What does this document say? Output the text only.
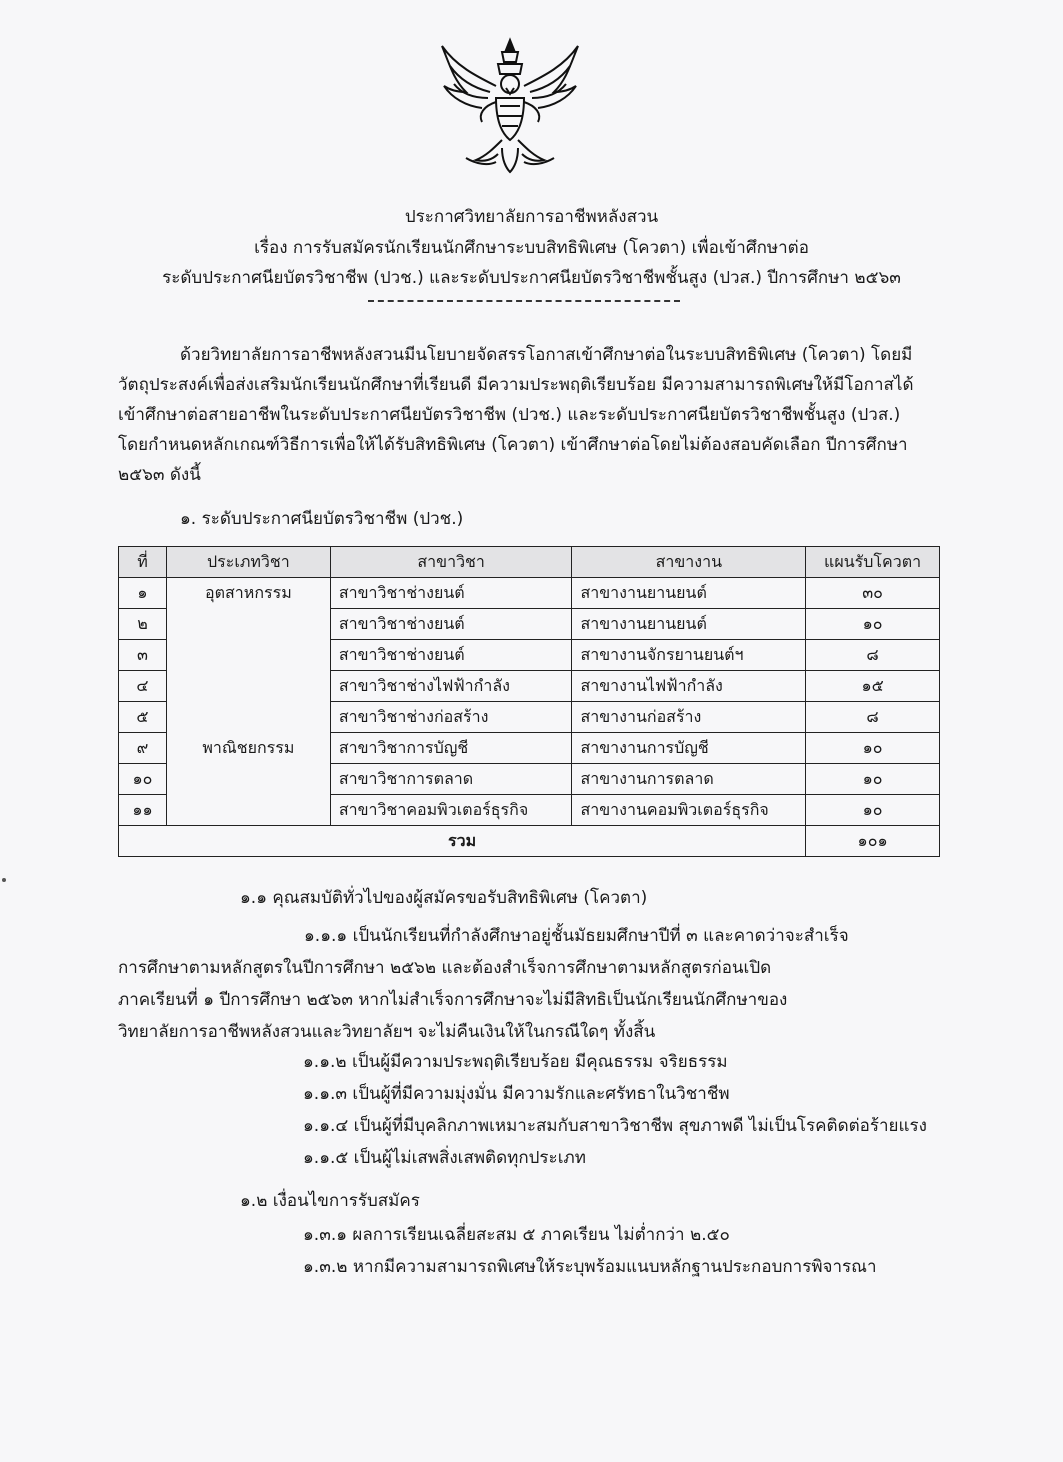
ประกาศวิทยาลัยการอาชีพหลังสวน
เรื่อง การรับสมัครนักเรียนนักศึกษาระบบสิทธิพิเศษ (โควตา) เพื่อเข้าศึกษาต่อ
ระดับประกาศนียบัตรวิชาชีพ (ปวช.) และระดับประกาศนียบัตรวิชาชีพชั้นสูง (ปวส.) ปีการศึกษา ๒๕๖๓
ด้วยวิทยาลัยการอาชีพหลังสวนมีนโยบายจัดสรรโอกาสเข้าศึกษาต่อในระบบสิทธิพิเศษ (โควตา) โดยมี
วัตถุประสงค์เพื่อส่งเสริมนักเรียนนักศึกษาที่เรียนดี มีความประพฤติเรียบร้อย มีความสามารถพิเศษให้มีโอกาสได้
เข้าศึกษาต่อสายอาชีพในระดับประกาศนียบัตรวิชาชีพ (ปวช.) และระดับประกาศนียบัตรวิชาชีพชั้นสูง (ปวส.)
โดยกำหนดหลักเกณฑ์วิธีการเพื่อให้ได้รับสิทธิพิเศษ (โควตา) เข้าศึกษาต่อโดยไม่ต้องสอบคัดเลือก ปีการศึกษา
๒๕๖๓ ดังนี้
๑. ระดับประกาศนียบัตรวิชาชีพ (ปวช.)
ที่	ประเภทวิชา	สาขาวิชา	สาขางาน	แผนรับโควตา
๑	อุตสาหกรรม	สาขาวิชาช่างยนต์	สาขางานยานยนต์	๓๐
๒		สาขาวิชาช่างยนต์	สาขางานยานยนต์	๑๐
๓		สาขาวิชาช่างยนต์	สาขางานจักรยานยนต์ฯ	๘
๔		สาขาวิชาช่างไฟฟ้ากำลัง	สาขางานไฟฟ้ากำลัง	๑๕
๕		สาขาวิชาช่างก่อสร้าง	สาขางานก่อสร้าง	๘
๙	พาณิชยกรรม	สาขาวิชาการบัญชี	สาขางานการบัญชี	๑๐
๑๐		สาขาวิชาการตลาด	สาขางานการตลาด	๑๐
๑๑		สาขาวิชาคอมพิวเตอร์ธุรกิจ	สาขางานคอมพิวเตอร์ธุรกิจ	๑๐
รวม				๑๐๑
๑.๑ คุณสมบัติทั่วไปของผู้สมัครขอรับสิทธิพิเศษ (โควตา)
๑.๑.๑ เป็นนักเรียนที่กำลังศึกษาอยู่ชั้นมัธยมศึกษาปีที่ ๓ และคาดว่าจะสำเร็จ
การศึกษาตามหลักสูตรในปีการศึกษา ๒๕๖๒ และต้องสำเร็จการศึกษาตามหลักสูตรก่อนเปิด
ภาคเรียนที่ ๑ ปีการศึกษา ๒๕๖๓ หากไม่สำเร็จการศึกษาจะไม่มีสิทธิเป็นนักเรียนนักศึกษาของ
วิทยาลัยการอาชีพหลังสวนและวิทยาลัยฯ จะไม่คืนเงินให้ในกรณีใดๆ ทั้งสิ้น
๑.๑.๒ เป็นผู้มีความประพฤติเรียบร้อย มีคุณธรรม จริยธรรม
๑.๑.๓ เป็นผู้ที่มีความมุ่งมั่น มีความรักและศรัทธาในวิชาชีพ
๑.๑.๔ เป็นผู้ที่มีบุคลิกภาพเหมาะสมกับสาขาวิชาชีพ สุขภาพดี ไม่เป็นโรคติดต่อร้ายแรง
๑.๑.๕ เป็นผู้ไม่เสพสิ่งเสพติดทุกประเภท
๑.๒ เงื่อนไขการรับสมัคร
๑.๓.๑ ผลการเรียนเฉลี่ยสะสม ๕ ภาคเรียน ไม่ต่ำกว่า ๒.๕๐
๑.๓.๒ หากมีความสามารถพิเศษให้ระบุพร้อมแนบหลักฐานประกอบการพิจารณา
